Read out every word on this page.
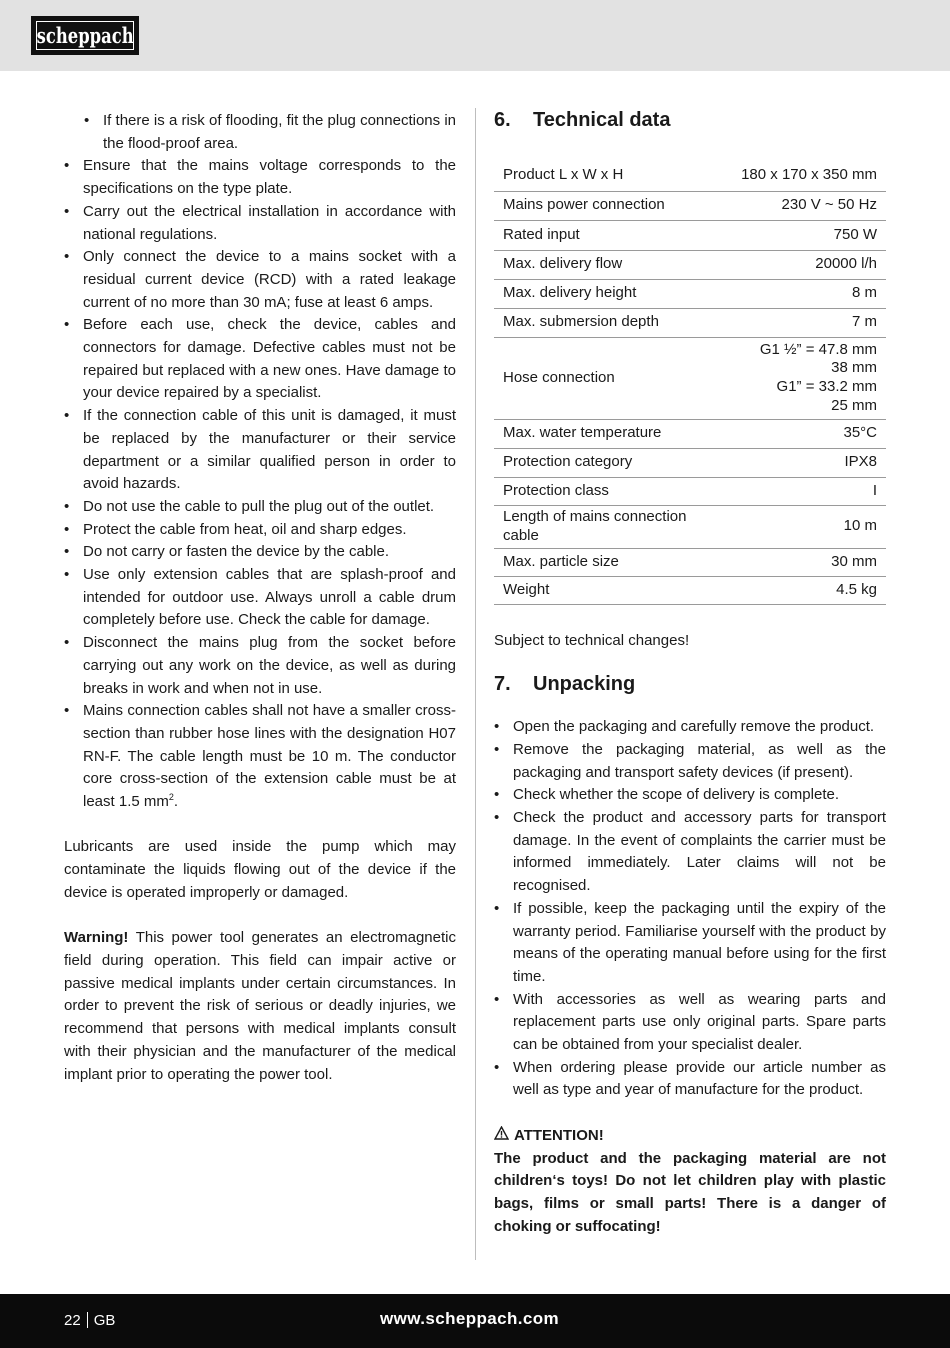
scheppach
• If there is a risk of flooding, fit the plug connections in the flood-proof area.
• Ensure that the mains voltage corresponds to the specifications on the type plate.
• Carry out the electrical installation in accordance with national regulations.
• Only connect the device to a mains socket with a residual current device (RCD) with a rated leakage current of no more than 30 mA; fuse at least 6 amps.
• Before each use, check the device, cables and connectors for damage. Defective cables must not be repaired but replaced with a new ones. Have damage to your device repaired by a specialist.
• If the connection cable of this unit is damaged, it must be replaced by the manufacturer or their service department or a similar qualified person in order to avoid hazards.
• Do not use the cable to pull the plug out of the outlet.
• Protect the cable from heat, oil and sharp edges.
• Do not carry or fasten the device by the cable.
• Use only extension cables that are splash-proof and intended for outdoor use. Always unroll a cable drum completely before use. Check the cable for damage.
• Disconnect the mains plug from the socket before carrying out any work on the device, as well as during breaks in work and when not in use.
• Mains connection cables shall not have a smaller cross-section than rubber hose lines with the designation H07 RN-F. The cable length must be 10 m. The conductor core cross-section of the extension cable must be at least 1.5 $mm^2$.

Lubricants are used inside the pump which may contaminate the liquids flowing out of the device if the device is operated improperly or damaged.

Warning! This power tool generates an electromagnetic field during operation. This field can impair active or passive medical implants under certain circumstances. In order to prevent the risk of serious or deadly injuries, we recommend that persons with medical implants consult with their physician and the manufacturer of the medical implant prior to operating the power tool.

6.	Technical data
Product L x W x H	180 x 170 x 350 mm
Mains power connection	230 V ~ 50 Hz
Rated input	750 W
Max. delivery flow	20000 l/h
Max. delivery height	8 m
Max. submersion depth	7 m
Hose connection	G1 ½” = 47.8 mm
38 mm
G1” = 33.2 mm
25 mm

Max. water temperature	35°C
Protection category	IPX8
Protection class	I
Length of mains connection cable	10 m
Max. particle size	30 mm
Weight	4.5 kg

Subject to technical changes!

7.	Unpacking
• Open the packaging and carefully remove the product.
• Remove the packaging material, as well as the packaging and transport safety devices (if present).
• Check whether the scope of delivery is complete.
• Check the product and accessory parts for transport damage. In the event of complaints the carrier must be informed immediately. Later claims will not be recognised.
• If possible, keep the packaging until the expiry of the warranty period. Familiarise yourself with the product by means of the operating manual before using for the first time.
• With accessories as well as wearing parts and replacement parts use only original parts. Spare parts can be obtained from your specialist dealer.
• When ordering please provide our article number as well as type and year of manufacture for the product.
ATTENTION!

The product and the packaging material are not children‘s toys! Do not let children play with plastic bags, films or small parts! There is a danger of choking or suffocating!

22 GB	www.scheppach.com
